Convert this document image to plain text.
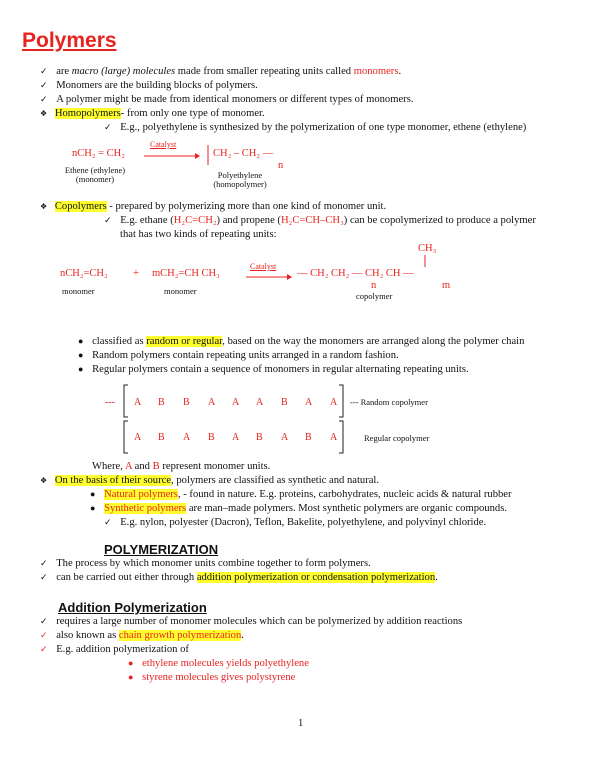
Polymers
✓ are macro (large) molecules made from smaller repeating units called monomers.
✓ Monomers are the building blocks of polymers.
✓ A polymer might be made from identical monomers or different types of monomers.
❖ Homopolymers- from only one type of monomer.
✓ E.g., polyethylene is synthesized by the polymerization of one type monomer, ethene (ethylene)
nCH₂ = CH₂
Catalyst
→ CH₂ – CH₂ —
n
Ethene (ethylene)
(monomer)	Polyethylene
(homopolymer)
❖ Copolymers - prepared by polymerizing more than one kind of monomer unit.
✓ E.g. ethane (H₂C=CH₂) and propene (H₂C=CH–CH₃) can be copolymerized to produce a polymer
that has two kinds of repeating units:
CH₃
nCH₂=CH₂ + mCH₂=CH CH₃
Catalyst
→ — CH₂ CH₂ — CH₂ CH —
n	m
monomer	monomer	copolymer
● classified as random or regular, based on the way the monomers are arranged along the polymer chain
● Random polymers contain repeating units arranged in a random fashion.
● Regular polymers contain a sequence of monomers in regular alternating repeating units.
--- A B B A A A B A A --- Random copolymer
A B A B A B A B A	Regular copolymer
Where, A and B represent monomer units.
❖ On the basis of their source, polymers are classified as synthetic and natural.
● Natural polymers, - found in nature. E.g. proteins, carbohydrates, nucleic acids & natural rubber
● Synthetic polymers are man–made polymers. Most synthetic polymers are organic compounds.
✓ E.g. nylon, polyester (Dacron), Teflon, Bakelite, polyethylene, and polyvinyl chloride.
POLYMERIZATION
✓ The process by which monomer units combine together to form polymers.
✓ can be carried out either through addition polymerization or condensation polymerization.
Addition Polymerization
✓ requires a large number of monomer molecules which can be polymerized by addition reactions
✓ also known as chain growth polymerization.
✓ E.g. addition polymerization of
● ethylene molecules yields polyethylene
● styrene molecules gives polystyrene
1
